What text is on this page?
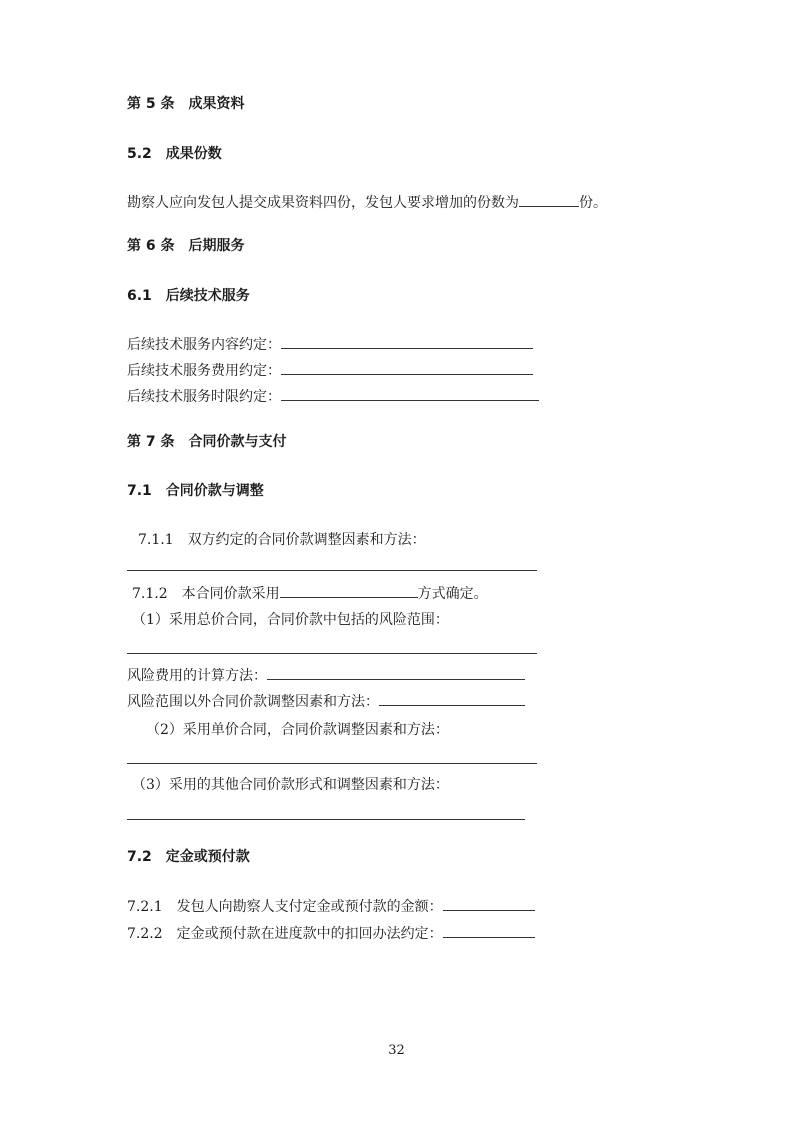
第 5 条　成果资料
5.2　成果份数
勘察人应向发包人提交成果资料四份，发包人要求增加的份数为	份。
第 6 条　后期服务
6.1　后续技术服务
后续技术服务内容约定：
后续技术服务费用约定：
后续技术服务时限约定：
第 7 条　合同价款与支付
7.1　合同价款与调整
7.1.1　双方约定的合同价款调整因素和方法：
7.1.2　本合同价款采用	方式确定。
（1）采用总价合同，合同价款中包括的风险范围：
风险费用的计算方法：
风险范围以外合同价款调整因素和方法：
（2）采用单价合同，合同价款调整因素和方法：
（3）采用的其他合同价款形式和调整因素和方法：
7.2　定金或预付款
7.2.1　发包人向勘察人支付定金或预付款的金额：
7.2.2　定金或预付款在进度款中的扣回办法约定：
32
